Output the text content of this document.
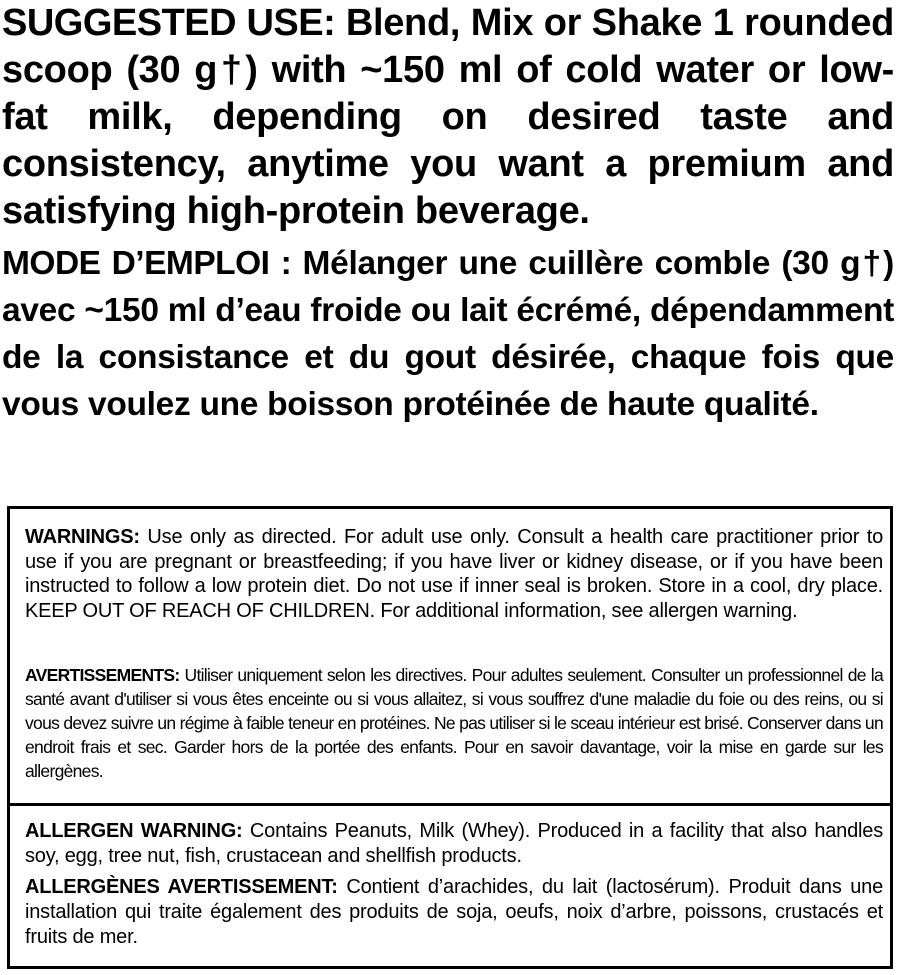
SUGGESTED USE: Blend, Mix or Shake 1 rounded scoop (30 g†) with ~150 ml of cold water or low-fat milk, depending on desired taste and consistency, anytime you want a premium and satisfying high-protein beverage.

MODE D’EMPLOI : Mélanger une cuillère comble (30 g†) avec ~150 ml d’eau froide ou lait écrémé, dépendamment de la consistance et du gout désirée, chaque fois que vous voulez une boisson protéinée de haute qualité.

WARNINGS: Use only as directed. For adult use only. Consult a health care practitioner prior to use if you are pregnant or breastfeeding; if you have liver or kidney disease, or if you have been instructed to follow a low protein diet. Do not use if inner seal is broken. Store in a cool, dry place. KEEP OUT OF REACH OF CHILDREN. For additional information, see allergen warning.

AVERTISSEMENTS: Utiliser uniquement selon les directives. Pour adultes seulement. Consulter un professionnel de la santé avant d'utiliser si vous êtes enceinte ou si vous allaitez, si vous souffrez d'une maladie du foie ou des reins, ou si vous devez suivre un régime à faible teneur en protéines. Ne pas utiliser si le sceau intérieur est brisé. Conserver dans un endroit frais et sec. Garder hors de la portée des enfants. Pour en savoir davantage, voir la mise en garde sur les allergènes.

ALLERGEN WARNING: Contains Peanuts, Milk (Whey). Produced in a facility that also handles soy, egg, tree nut, fish, crustacean and shellfish products.

ALLERGÈNES AVERTISSEMENT: Contient d’arachides, du lait (lactosérum). Produit dans une installation qui traite également des produits de soja, oeufs, noix d’arbre, poissons, crustacés et fruits de mer.
